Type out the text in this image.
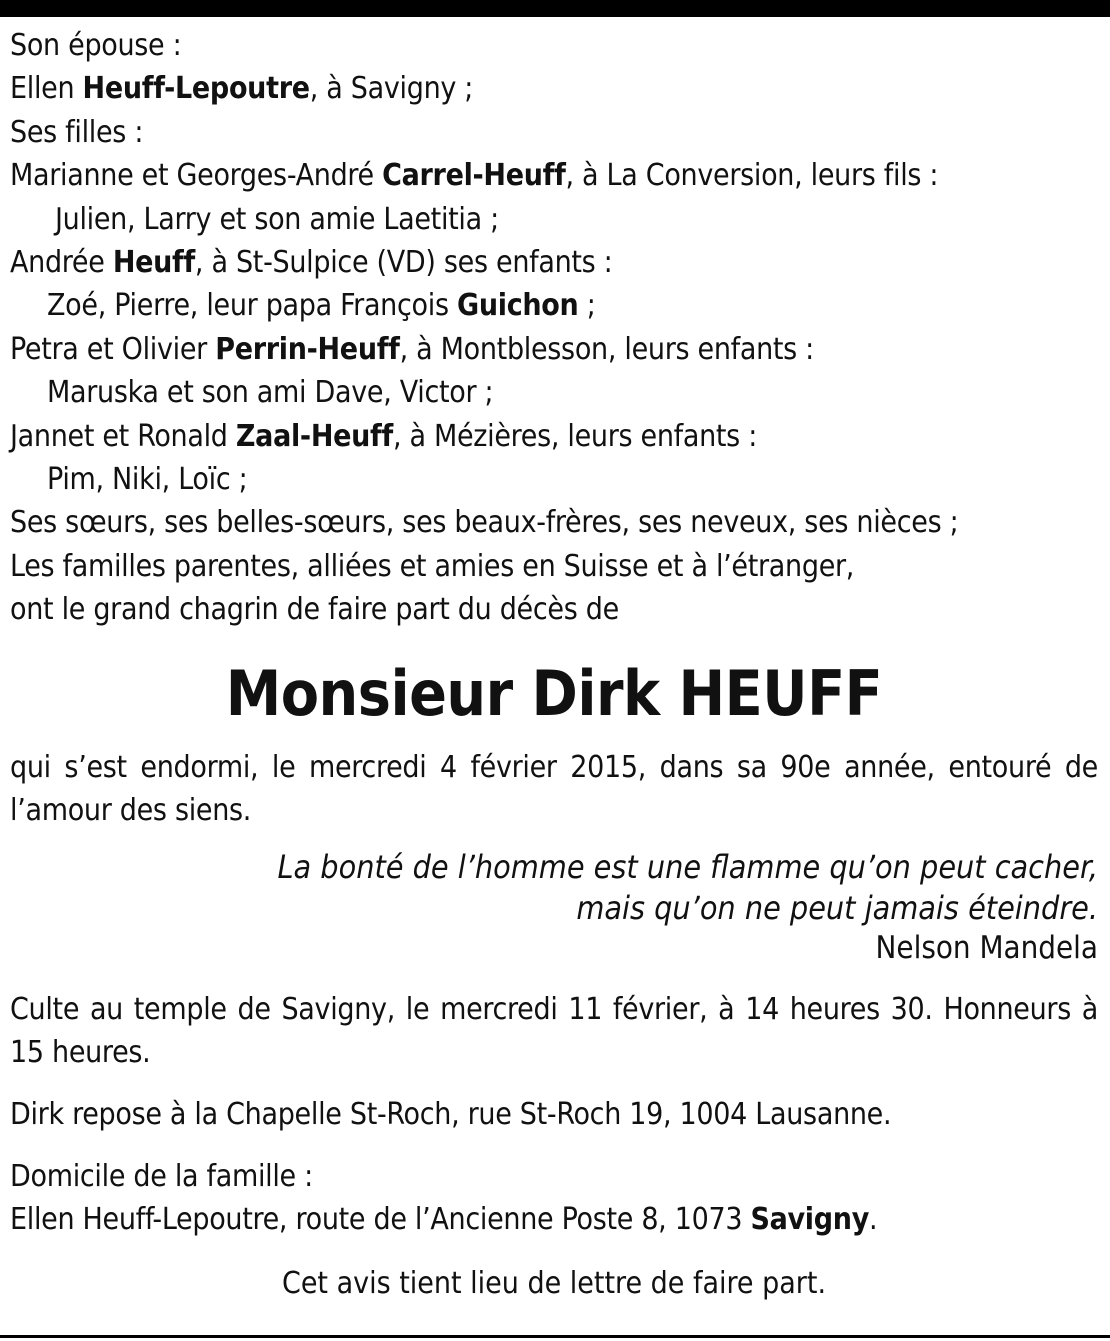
Son épouse :
Ellen Heuff-Lepoutre, à Savigny ;
Ses filles :
Marianne et Georges-André Carrel-Heuff, à La Conversion, leurs fils :
Julien, Larry et son amie Laetitia ;
Andrée Heuff, à St-Sulpice (VD) ses enfants :
Zoé, Pierre, leur papa François Guichon ;
Petra et Olivier Perrin-Heuff, à Montblesson, leurs enfants :
Maruska et son ami Dave, Victor ;
Jannet et Ronald Zaal-Heuff, à Mézières, leurs enfants :
Pim, Niki, Loïc ;
Ses sœurs, ses belles-sœurs, ses beaux-frères, ses neveux, ses nièces ;
Les familles parentes, alliées et amies en Suisse et à l’étranger,
ont le grand chagrin de faire part du décès de
Monsieur Dirk HEUFF
qui s’est endormi, le mercredi 4 février 2015, dans sa 90e année, entouré de l’amour des siens.
La bonté de l’homme est une flamme qu’on peut cacher,
mais qu’on ne peut jamais éteindre.
Nelson Mandela
Culte au temple de Savigny, le mercredi 11 février, à 14 heures 30. Honneurs à 15 heures.
Dirk repose à la Chapelle St-Roch, rue St-Roch 19, 1004 Lausanne.
Domicile de la famille :
Ellen Heuff-Lepoutre, route de l’Ancienne Poste 8, 1073 Savigny.
Cet avis tient lieu de lettre de faire part.
